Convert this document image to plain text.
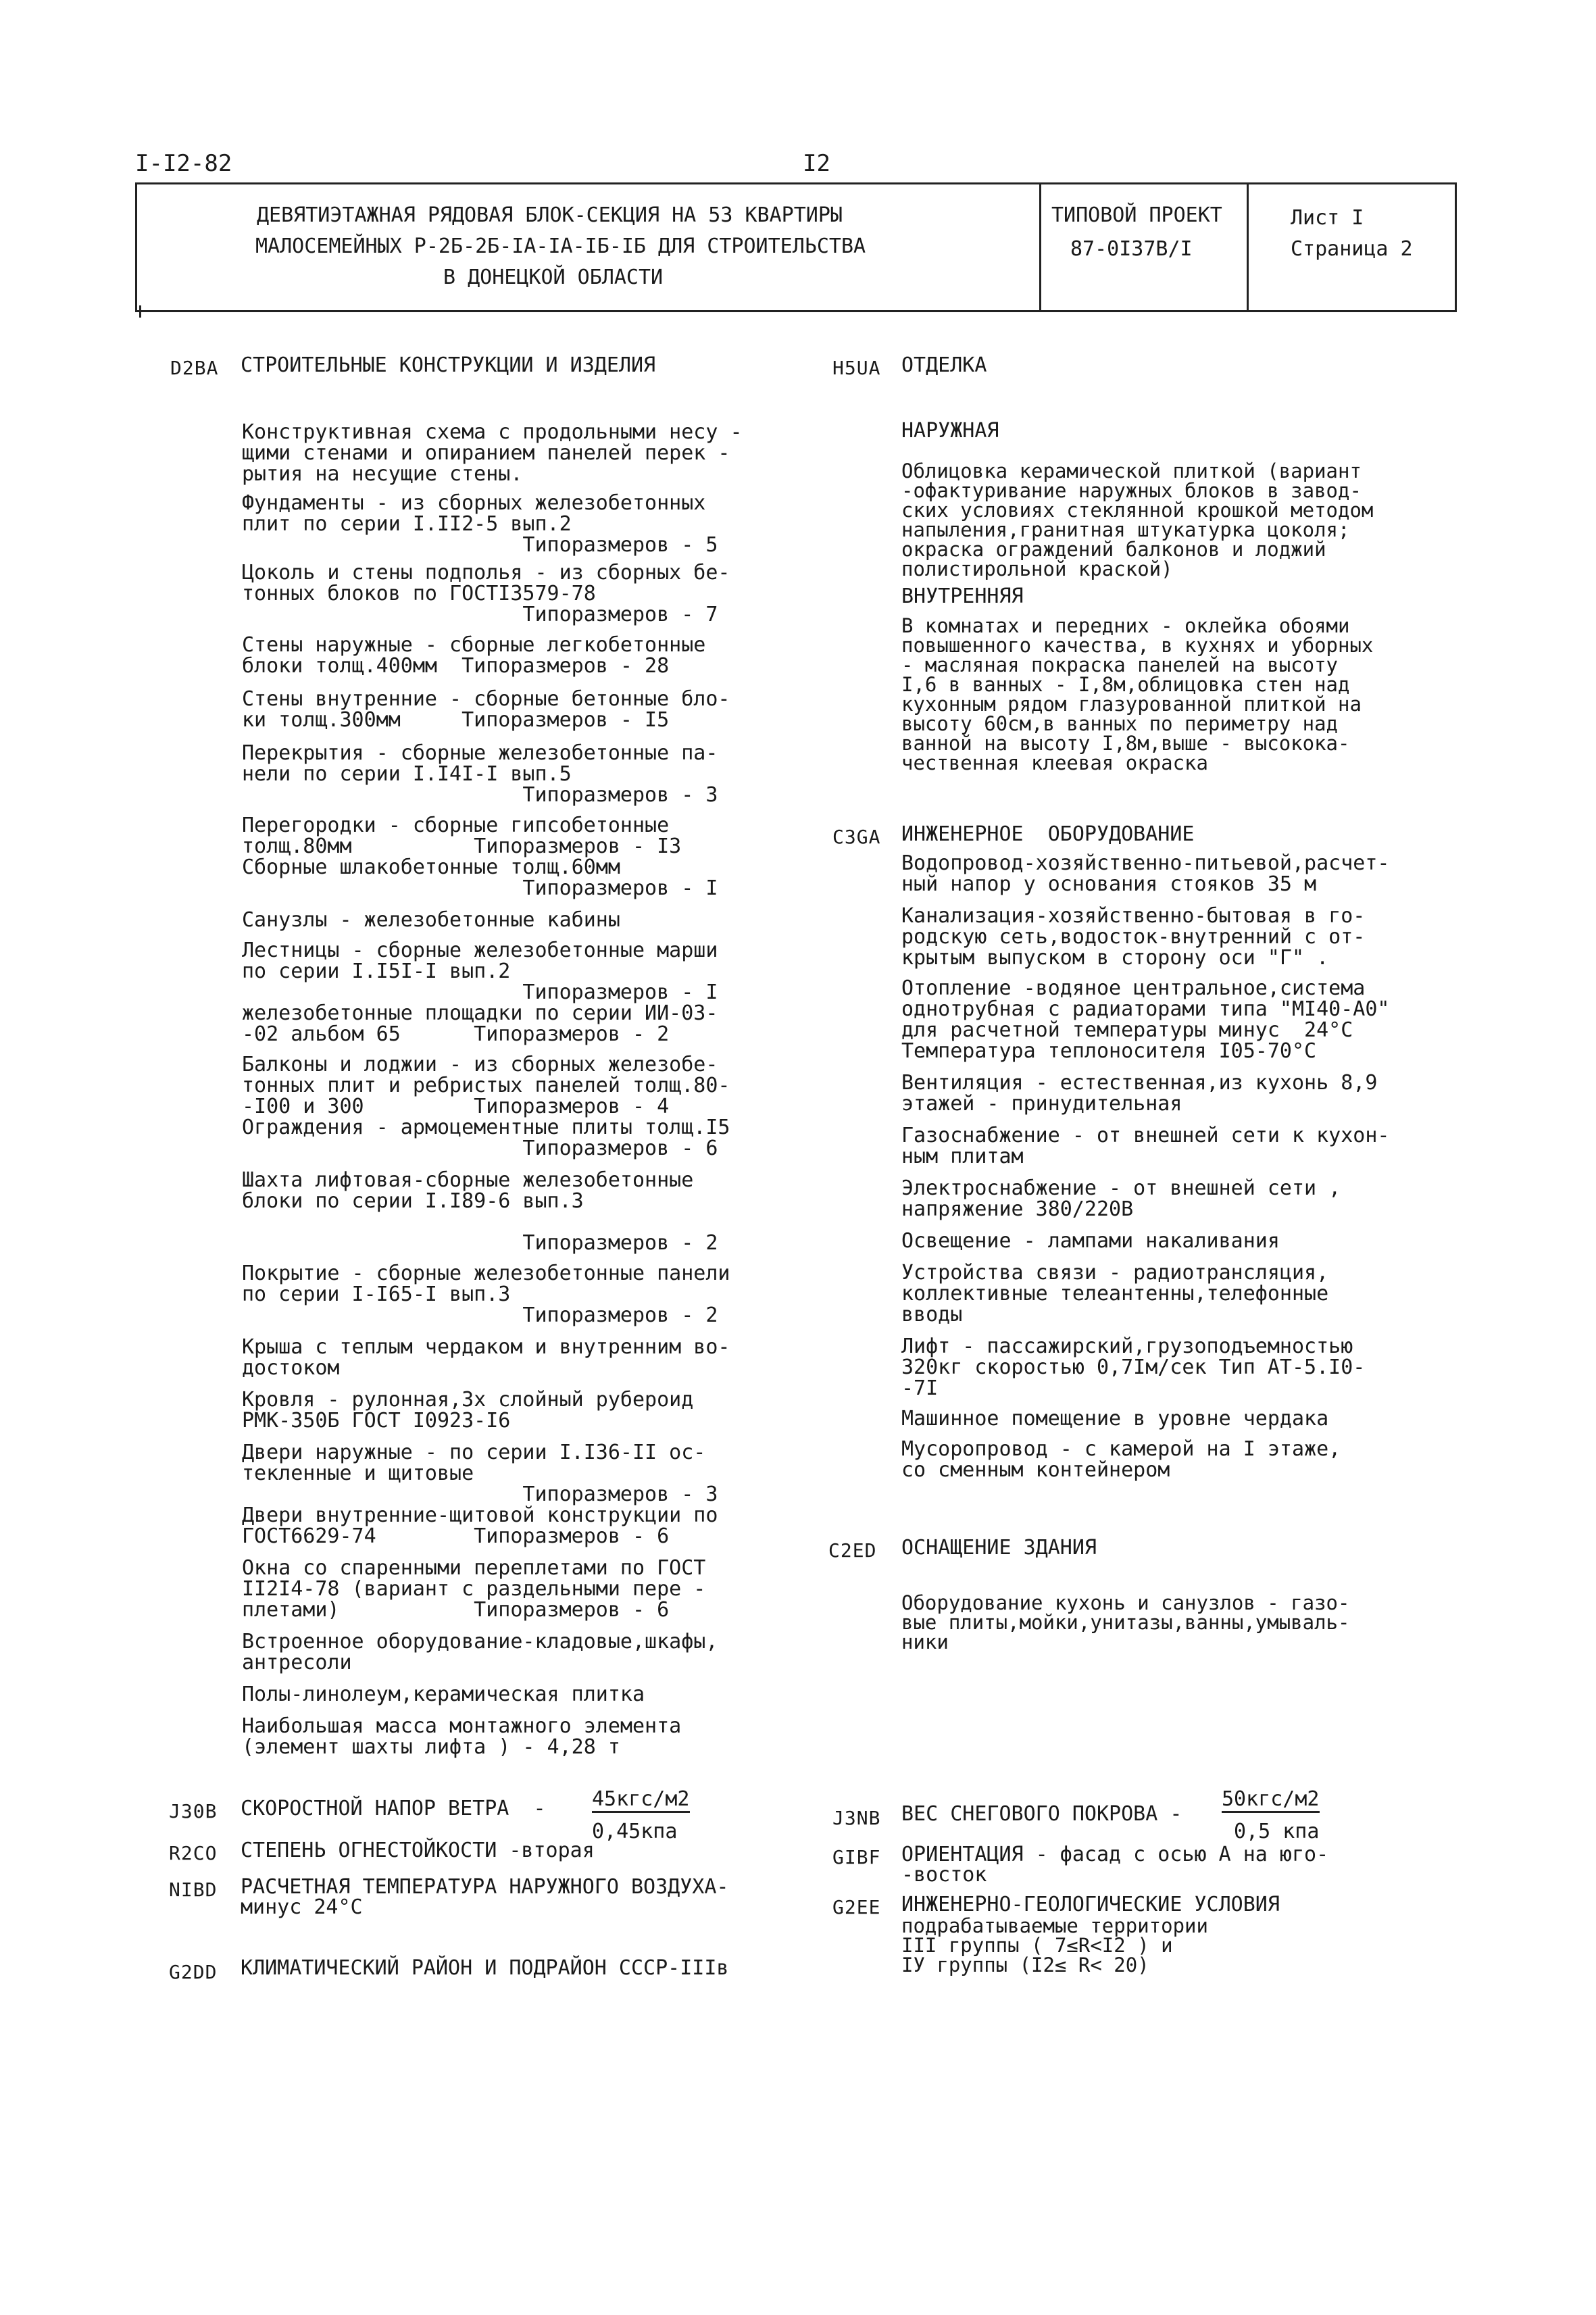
I-I2-82	I2
ДЕВЯТИЭТАЖНАЯ РЯДОВАЯ БЛОК-СЕКЦИЯ НА 53 КВАРТИРЫ
МАЛОСЕМЕЙНЫХ Р-2Б-2Б-IА-IА-IБ-IБ ДЛЯ СТРОИТЕЛЬСТВА
В ДОНЕЦКОЙ ОБЛАСТИ
ТИПОВОЙ ПРОЕКТ
87-0I37В/I
Лист I
Страница 2
D2BA СТРОИТЕЛЬНЫЕ КОНСТРУКЦИИ И ИЗДЕЛИЯ
Конструктивная схема с продольными несу -
щими стенами и опиранием панелей перек -
рытия на несущие стены.
Фундаменты - из сборных железобетонных
плит по серии I.II2-5 вып.2
Типоразмеров - 5
Цоколь и стены подполья - из сборных бе-
тонных блоков по ГОСТI3579-78
Типоразмеров - 7
Стены наружные - сборные легкобетонные
блоки толщ.400мм  Типоразмеров - 28
Стены внутренние - сборные бетонные бло-
ки толщ.300мм     Типоразмеров - I5
Перекрытия - сборные железобетонные па-
нели по серии I.I4I-I вып.5
Типоразмеров - 3
Перегородки - сборные гипсобетонные
толщ.80мм          Типоразмеров - I3
Сборные шлакобетонные толщ.60мм
Типоразмеров - I
Санузлы - железобетонные кабины
Лестницы - сборные железобетонные марши
по серии I.I5I-I вып.2
Типоразмеров - I
железобетонные площадки по серии ИИ-03-
-02 альбом 65      Типоразмеров - 2
Балконы и лоджии - из сборных железобе-
тонных плит и ребристых панелей толщ.80-
-I00 и 300         Типоразмеров - 4
Ограждения - армоцементные плиты толщ.I5
Типоразмеров - 6
Шахта лифтовая-сборные железобетонные
блоки по серии I.I89-6 вып.3
Типоразмеров - 2
Покрытие - сборные железобетонные панели
по серии I-I65-I вып.3
Типоразмеров - 2
Крыша с теплым чердаком и внутренним во-
достоком
Кровля - рулонная,3х слойный рубероид
РМК-350Б ГОСТ I0923-I6
Двери наружные - по серии I.I36-II ос-
текленные и щитовые
Типоразмеров - 3
Двери внутренние-щитовой конструкции по
ГОСТ6629-74        Типоразмеров - 6
Окна со спаренными переплетами по ГОСТ
II2I4-78 (вариант с раздельными пере -
плетами)           Типоразмеров - 6
Встроенное оборудование-кладовые,шкафы,
антресоли
Полы-линолеум,керамическая плитка
Наибольшая масса монтажного элемента
(элемент шахты лифта ) - 4,28 т
J30B СКОРОСТНОЙ НАПОР ВЕТРА  - 45кгс/м2
0,45кпа
R2CO СТЕПЕНЬ ОГНЕСТОЙКОСТИ -вторая
NIBD РАСЧЕТНАЯ ТЕМПЕРАТУРА НАРУЖНОГО ВОЗДУХА-
минус 24°С
G2DD КЛИМАТИЧЕСКИЙ РАЙОН И ПОДРАЙОН СССР-IIIв
H5UA ОТДЕЛКА
НАРУЖНАЯ
Облицовка керамической плиткой (вариант
-офактуривание наружных блоков в завод-
ских условиях стеклянной крошкой методом
напыления,гранитная штукатурка цоколя;
окраска ограждений балконов и лоджий
полистирольной краской)
ВНУТРЕННЯЯ
В комнатах и передних - оклейка обоями
повышенного качества, в кухнях и уборных
- масляная покраска панелей на высоту
I,6 в ванных - I,8м,облицовка стен над
кухонным рядом глазурованной плиткой на
высоту 60см,в ванных по периметру над
ванной на высоту I,8м,выше - высокока-
чественная клеевая окраска
C3GA ИНЖЕНЕРНОЕ  ОБОРУДОВАНИЕ
Водопровод-хозяйственно-питьевой,расчет-
ный напор у основания стояков 35 м
Канализация-хозяйственно-бытовая в го-
родскую сеть,водосток-внутренний с от-
крытым выпуском в сторону оси "Г" .
Отопление -водяное центральное,система
однотрубная с радиаторами типа "МI40-А0"
для расчетной температуры минус  24°С
Температура теплоносителя I05-70°С
Вентиляция - естественная,из кухонь 8,9
этажей - принудительная
Газоснабжение - от внешней сети к кухон-
ным плитам
Электроснабжение - от внешней сети ,
напряжение 380/220В
Освещение - лампами накаливания
Устройства связи - радиотрансляция,
коллективные телеантенны,телефонные
вводы
Лифт - пассажирский,грузоподъемностью
320кг скоростью 0,7Iм/сек Тип АТ-5.I0-
-7I
Машинное помещение в уровне чердака
Мусоропровод - с камерой на I этаже,
со сменным контейнером
C2ED ОСНАЩЕНИЕ ЗДАНИЯ
Оборудование кухонь и санузлов - газо-
вые плиты,мойки,унитазы,ванны,умываль-
ники
J3NB ВЕС СНЕГОВОГО ПОКРОВА -
50кгс/м2
0,5 кпа
GIBF ОРИЕНТАЦИЯ - фасад с осью А на юго-
-восток
G2EE ИНЖЕНЕРНО-ГЕОЛОГИЧЕСКИЕ УСЛОВИЯ
подрабатываемые территории
III группы ( 7≤R<I2 ) и
IУ группы (I2≤ R< 20)
